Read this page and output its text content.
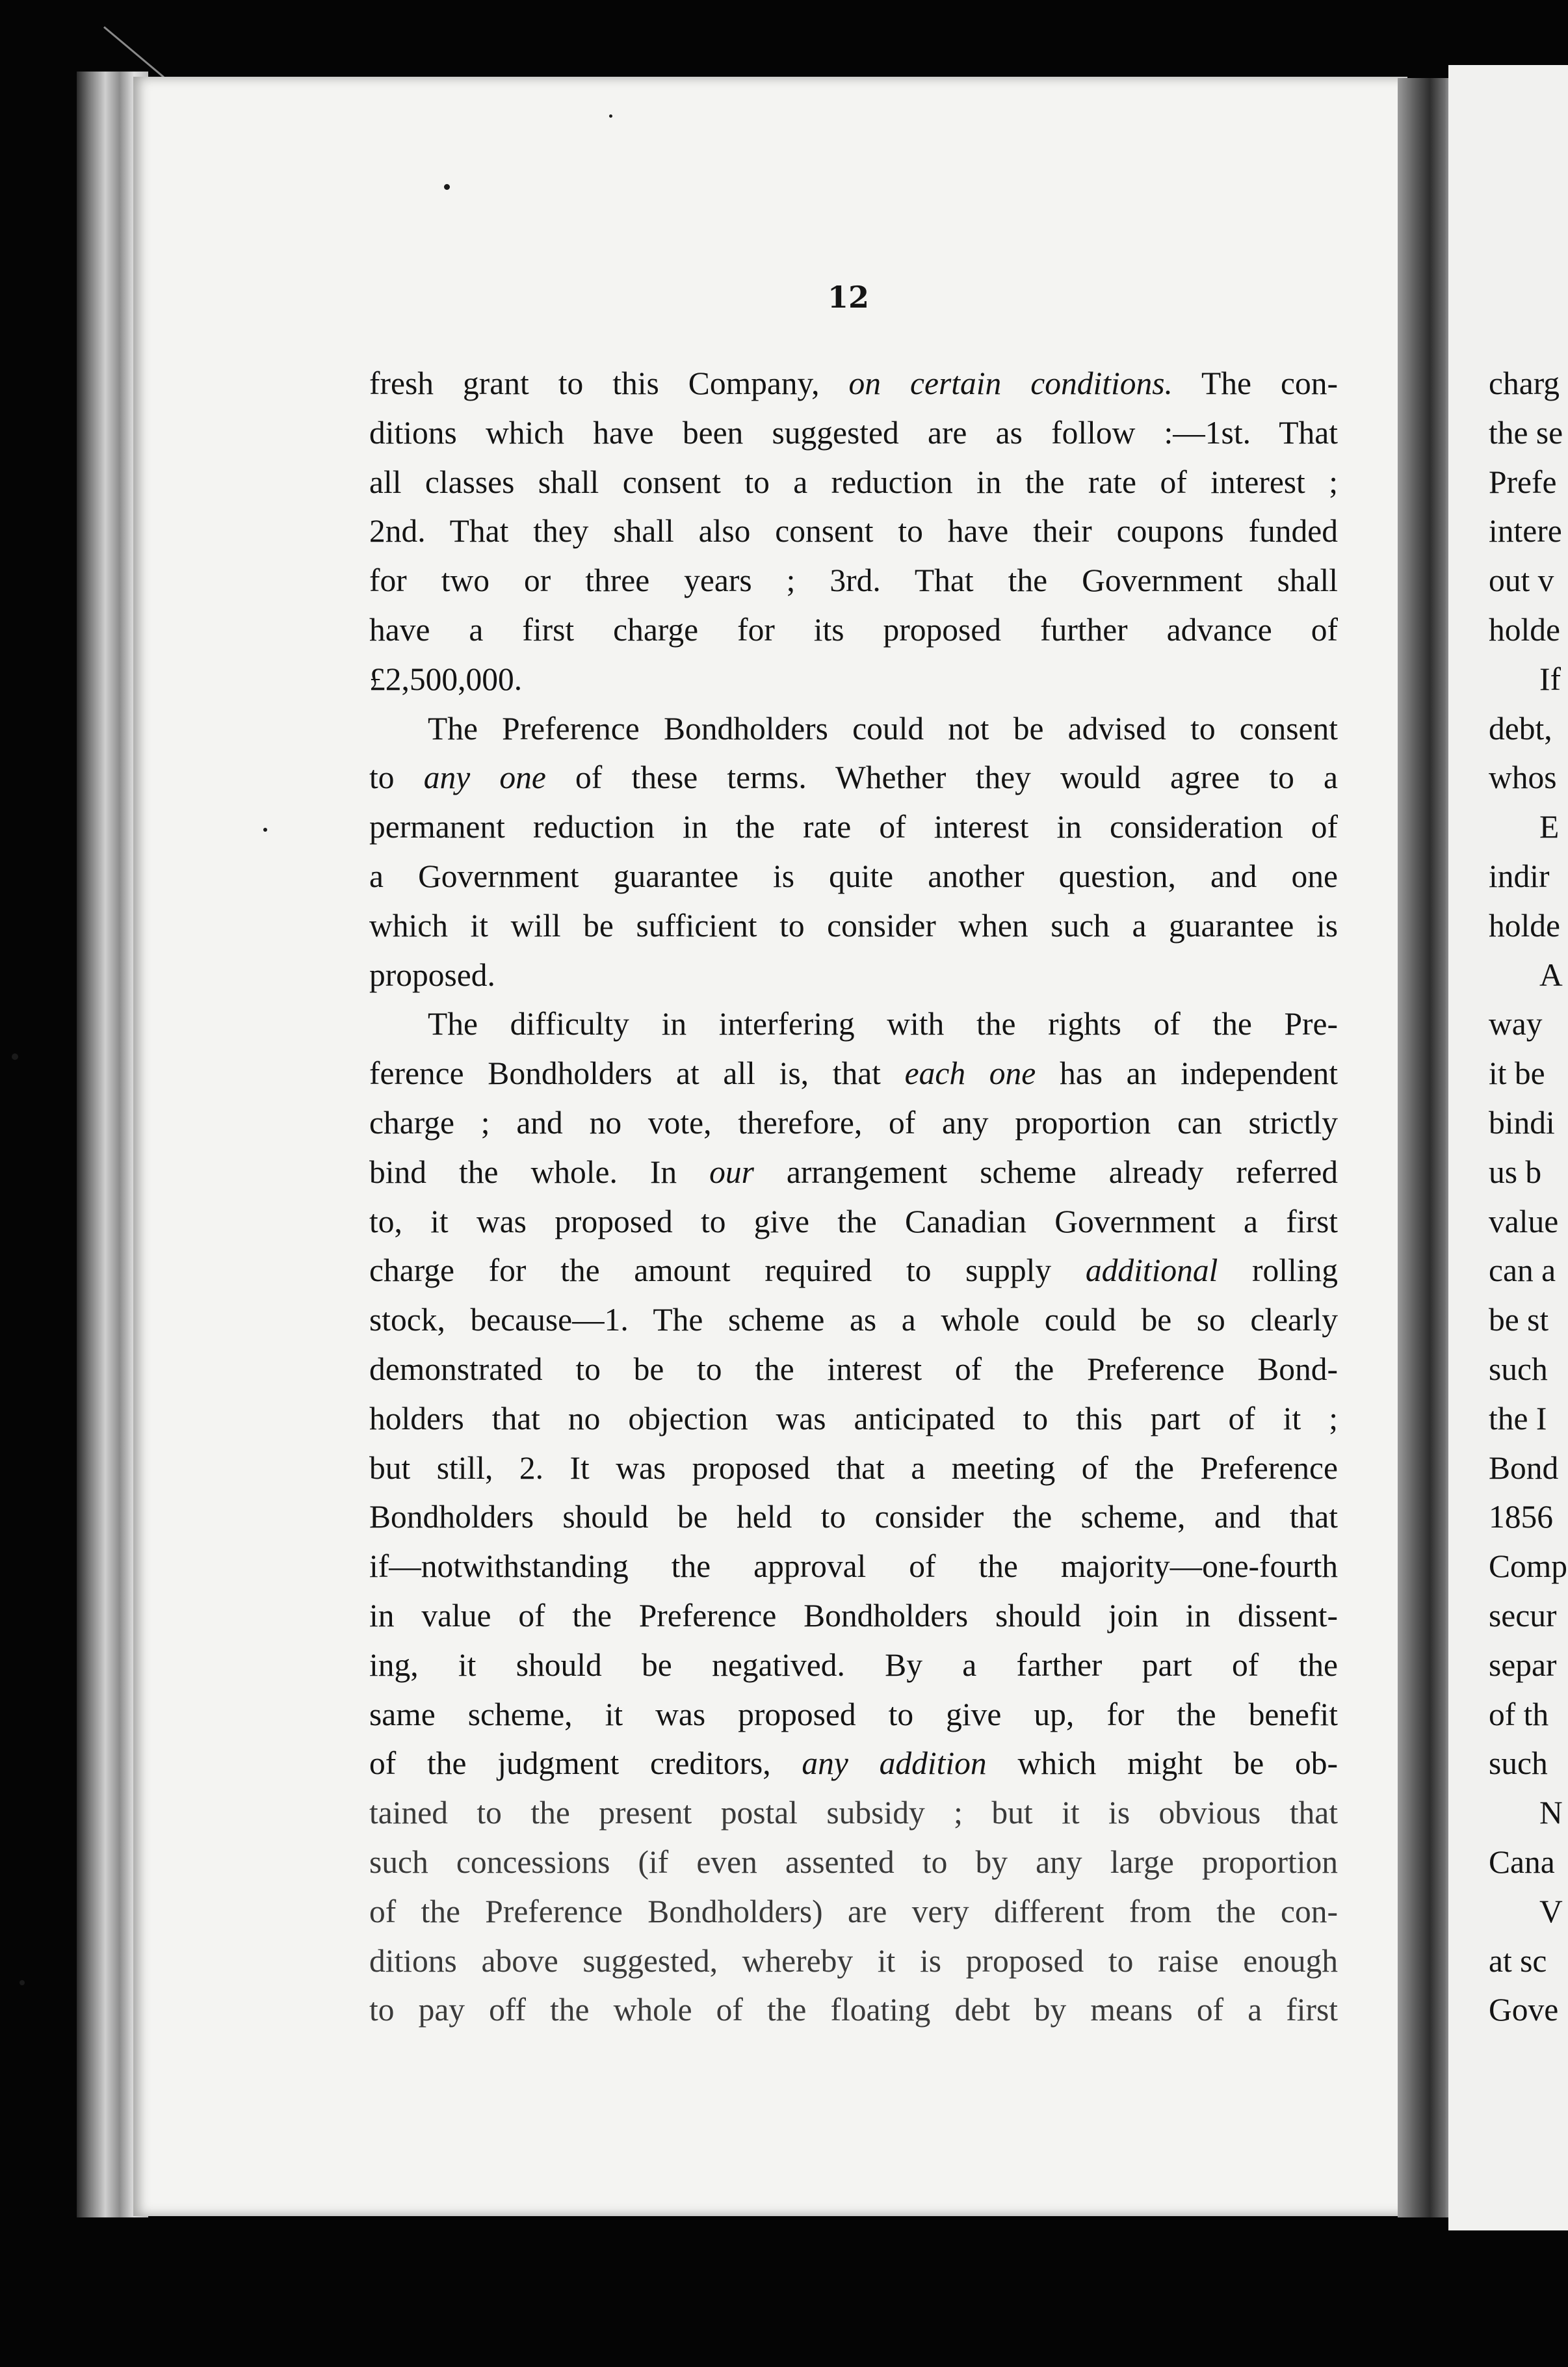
charg
the se
Prefe
intere
out v
holde
If
debt,
whos
E
indir
holde
A
way
it be
bindi
us b
value
can a
be st
such
the I
Bond
1856
Comp
secur
separ
of th
such
N
Cana
V
at sc
Gove
12
fresh grant to this Company, on certain conditions. The con-
ditions which have been suggested are as follow :—1st. That
all classes shall consent to a reduction in the rate of interest ;
2nd. That they shall also consent to have their coupons funded
for two or three years ; 3rd. That the Government shall
have a first charge for its proposed further advance of
£2,500,000.
The Preference Bondholders could not be advised to consent
to any one of these terms. Whether they would agree to a
permanent reduction in the rate of interest in consideration of
a Government guarantee is quite another question, and one
which it will be sufficient to consider when such a guarantee is
proposed.
The difficulty in interfering with the rights of the Pre-
ference Bondholders at all is, that each one has an independent
charge ; and no vote, therefore, of any proportion can strictly
bind the whole. In our arrangement scheme already referred
to, it was proposed to give the Canadian Government a first
charge for the amount required to supply additional rolling
stock, because—1. The scheme as a whole could be so clearly
demonstrated to be to the interest of the Preference Bond-
holders that no objection was anticipated to this part of it ;
but still, 2. It was proposed that a meeting of the Preference
Bondholders should be held to consider the scheme, and that
if—notwithstanding the approval of the majority—one-fourth
in value of the Preference Bondholders should join in dissent-
ing, it should be negatived. By a farther part of the
same scheme, it was proposed to give up, for the benefit
of the judgment creditors, any addition which might be ob-
tained to the present postal subsidy ; but it is obvious that
such concessions (if even assented to by any large proportion
of the Preference Bondholders) are very different from the con-
ditions above suggested, whereby it is proposed to raise enough
to pay off the whole of the floating debt by means of a first
